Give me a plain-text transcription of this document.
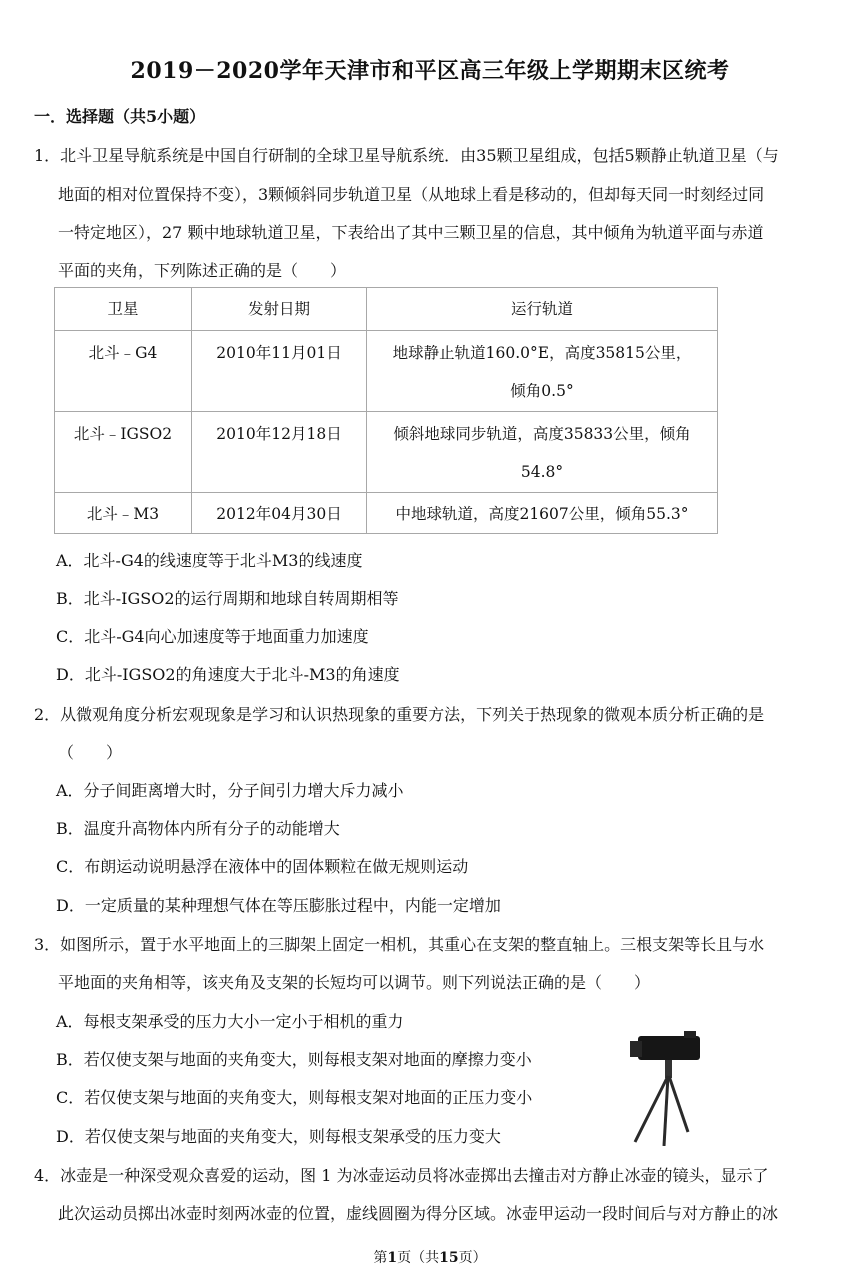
2019－2020学年天津市和平区高三年级上学期期末区统考
一．选择题（共5小题）
1．北斗卫星导航系统是中国自行研制的全球卫星导航系统．由35颗卫星组成，包括5颗静止轨道卫星（与
地面的相对位置保持不变），3颗倾斜同步轨道卫星（从地球上看是移动的，但却每天同一时刻经过同
一特定地区），27 颗中地球轨道卫星，下表给出了其中三颗卫星的信息，其中倾角为轨道平面与赤道
平面的夹角，下列陈述正确的是（　　）
卫星	发射日期	运行轨道
北斗﹣G4	2010年11月01日	地球静止轨道160.0°E，高度35815公里，
倾角0.5°

北斗﹣IGSO2	2010年12月18日	倾斜地球同步轨道，高度35833公里，倾角
54.8°

北斗﹣M3	2012年04月30日	中地球轨道，高度21607公里，倾角55.3°
A．北斗-G4的线速度等于北斗M3的线速度
B．北斗-IGSO2的运行周期和地球自转周期相等
C．北斗-G4向心加速度等于地面重力加速度
D．北斗-IGSO2的角速度大于北斗-M3的角速度
2．从微观角度分析宏观现象是学习和认识热现象的重要方法，下列关于热现象的微观本质分析正确的是
（　　）
A．分子间距离增大时，分子间引力增大斥力减小
B．温度升高物体内所有分子的动能增大
C．布朗运动说明悬浮在液体中的固体颗粒在做无规则运动
D．一定质量的某种理想气体在等压膨胀过程中，内能一定增加
3．如图所示，置于水平地面上的三脚架上固定一相机，其重心在支架的整直轴上。三根支架等长且与水
平地面的夹角相等，该夹角及支架的长短均可以调节。则下列说法正确的是（　　）
A．每根支架承受的压力大小一定小于相机的重力
B．若仅使支架与地面的夹角变大，则每根支架对地面的摩擦力变小
C．若仅使支架与地面的夹角变大，则每根支架对地面的正压力变小
D．若仅使支架与地面的夹角变大，则每根支架承受的压力变大
4．冰壶是一种深受观众喜爱的运动，图 1 为冰壶运动员将冰壶掷出去撞击对方静止冰壶的镜头，显示了
此次运动员掷出冰壶时刻两冰壶的位置，虚线圆圈为得分区域。冰壶甲运动一段时间后与对方静止的冰
第1页（共15页）
